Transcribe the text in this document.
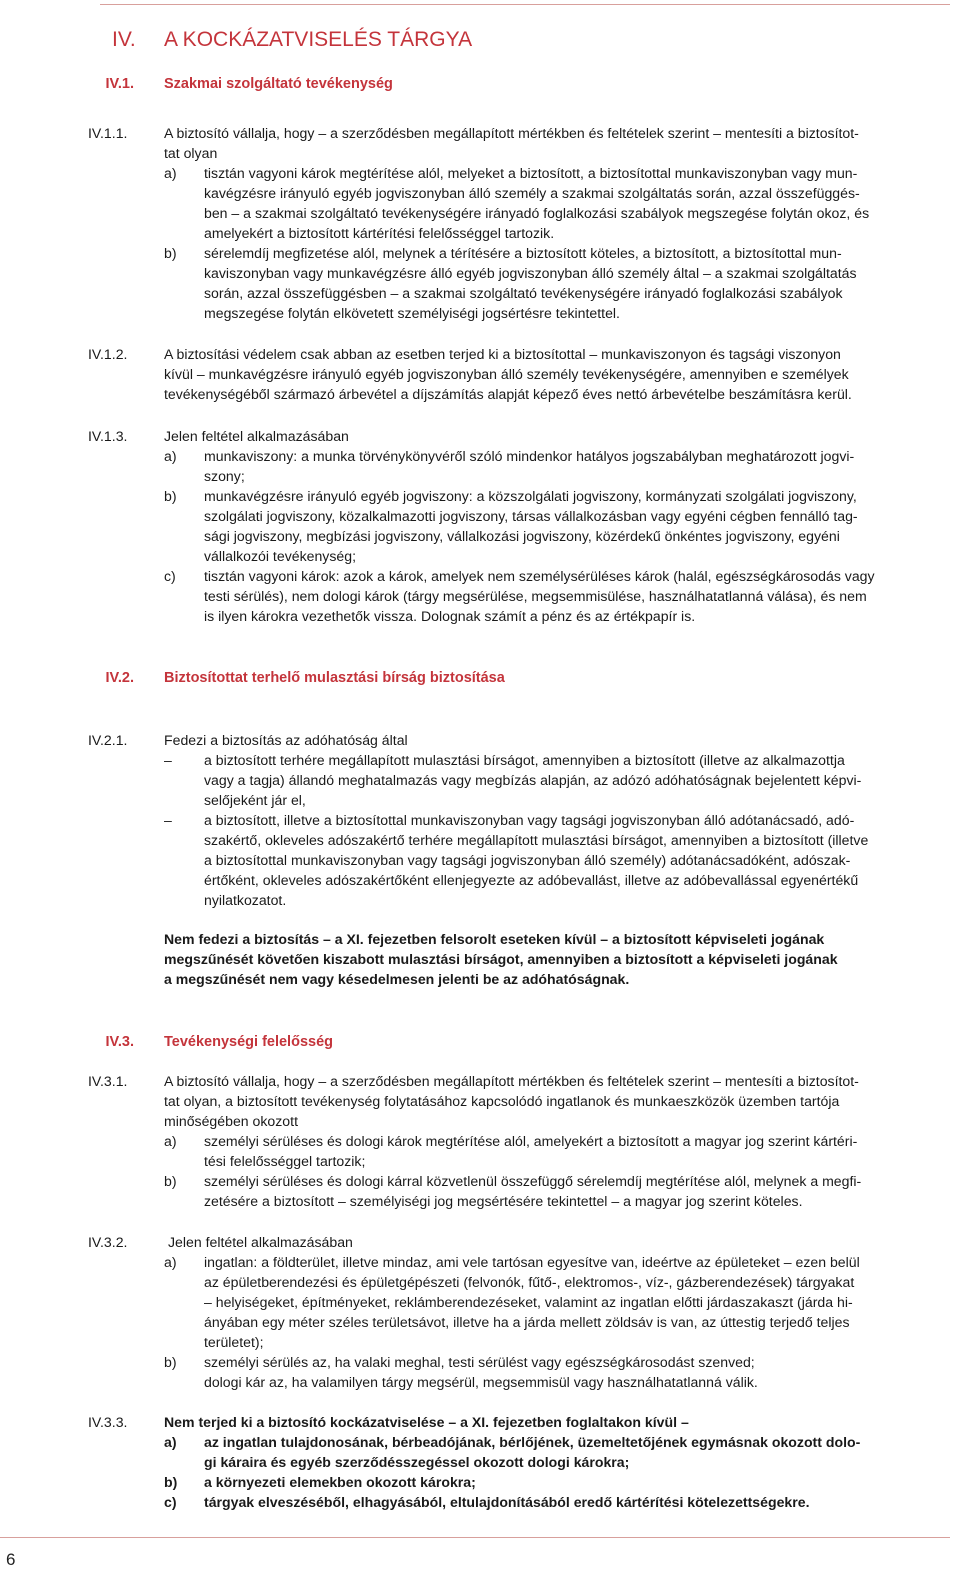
IV. A KOCKÁZATVISELÉS TÁRGYA
IV.1. Szakmai szolgáltató tevékenység
IV.1.1.	A biztosító vállalja, hogy – a szerződésben megállapított mértékben és feltételek szerint – mentesíti a biztosítot-
tat olyan
a) tisztán vagyoni károk megtérítése alól, melyeket a biztosított, a biztosítottal munkaviszonyban vagy mun-
kavégzésre irányuló egyéb jogviszonyban álló személy a szakmai szolgáltatás során, azzal összefüggés-
ben – a szakmai szolgáltató tevékenységére irányadó foglalkozási szabályok megszegése folytán okoz, és
amelyekért a biztosított kártérítési felelősséggel tartozik.
b) sérelemdíj megfizetése alól, melynek a térítésére a biztosított köteles, a biztosított, a biztosítottal mun-
kaviszonyban vagy munkavégzésre álló egyéb jogviszonyban álló személy által – a szakmai szolgáltatás
során, azzal összefüggésben – a szakmai szolgáltató tevékenységére irányadó foglalkozási szabályok
megszegése folytán elkövetett személyiségi jogsértésre tekintettel.
IV.1.2.	A biztosítási védelem csak abban az esetben terjed ki a biztosítottal – munkaviszonyon és tagsági viszonyon
kívül – munkavégzésre irányuló egyéb jogviszonyban álló személy tevékenységére, amennyiben e személyek
tevékenységéből származó árbevétel a díjszámítás alapját képező éves nettó árbevételbe beszámításra kerül.
IV.1.3.	Jelen feltétel alkalmazásában
a) munkaviszony: a munka törvénykönyvéről szóló mindenkor hatályos jogszabályban meghatározott jogvi-
szony;
b) munkavégzésre irányuló egyéb jogviszony: a közszolgálati jogviszony, kormányzati szolgálati jogviszony,
szolgálati jogviszony, közalkalmazotti jogviszony, társas vállalkozásban vagy egyéni cégben fennálló tag-
sági jogviszony, megbízási jogviszony, vállalkozási jogviszony, közérdekű önkéntes jogviszony, egyéni
vállalkozói tevékenység;
c) tisztán vagyoni károk: azok a károk, amelyek nem személysérüléses károk (halál, egészségkárosodás vagy
testi sérülés), nem dologi károk (tárgy megsérülése, megsemmisülése, használhatatlanná válása), és nem
is ilyen károkra vezethetők vissza. Dolognak számít a pénz és az értékpapír is.
IV.2. Biztosítottat terhelő mulasztási bírság biztosítása
IV.2.1.	Fedezi a biztosítás az adóhatóság által
– a biztosított terhére megállapított mulasztási bírságot, amennyiben a biztosított (illetve az alkalmazottja
vagy a tagja) állandó meghatalmazás vagy megbízás alapján, az adózó adóhatóságnak bejelentett képvi-
selőjeként jár el,
– a biztosított, illetve a biztosítottal munkaviszonyban vagy tagsági jogviszonyban álló adótanácsadó, adó-
szakértő, okleveles adószakértő terhére megállapított mulasztási bírságot, amennyiben a biztosított (illetve
a biztosítottal munkaviszonyban vagy tagsági jogviszonyban álló személy) adótanácsadóként, adószak-
értőként, okleveles adószakértőként ellenjegyezte az adóbevallást, illetve az adóbevallással egyenértékű
nyilatkozatot.
Nem fedezi a biztosítás – a XI. fejezetben felsorolt eseteken kívül – a biztosított képviseleti jogának
megszűnését követően kiszabott mulasztási bírságot, amennyiben a biztosított a képviseleti jogának
a megszűnését nem vagy késedelmesen jelenti be az adóhatóságnak.
IV.3. Tevékenységi felelősség
IV.3.1.	A biztosító vállalja, hogy – a szerződésben megállapított mértékben és feltételek szerint – mentesíti a biztosítot-
tat olyan, a biztosított tevékenység folytatásához kapcsolódó ingatlanok és munkaeszközök üzemben tartója
minőségében okozott
a) személyi sérüléses és dologi károk megtérítése alól, amelyekért a biztosított a magyar jog szerint kártéri-
tési felelősséggel tartozik;
b) személyi sérüléses és dologi kárral közvetlenül összefüggő sérelemdíj megtérítése alól, melynek a megfi-
zetésére a biztosított – személyiségi jog megsértésére tekintettel – a magyar jog szerint köteles.
IV.3.2.	Jelen feltétel alkalmazásában
a) ingatlan: a földterület, illetve mindaz, ami vele tartósan egyesítve van, ideértve az épületeket – ezen belül
az épületberendezési és épületgépészeti (felvonók, fűtő-, elektromos-, víz-, gázberendezések) tárgyakat
– helyiségeket, építményeket, reklámberendezéseket, valamint az ingatlan előtti járdaszakaszt (járda hi-
ányában egy méter széles területsávot, illetve ha a járda mellett zöldsáv is van, az úttestig terjedő teljes
területet);
b) személyi sérülés az, ha valaki meghal, testi sérülést vagy egészségkárosodást szenved;
dologi kár az, ha valamilyen tárgy megsérül, megsemmisül vagy használhatatlanná válik.
IV.3.3.	Nem terjed ki a biztosító kockázatviselése – a XI. fejezetben foglaltakon kívül –
a) az ingatlan tulajdonosának, bérbeadójának, bérlőjének, üzemeltetőjének egymásnak okozott dolo-
gi káraira és egyéb szerződésszegéssel okozott dologi károkra;
b) a környezeti elemekben okozott károkra;
c) tárgyak elveszéséből, elhagyásából, eltulajdonításából eredő kártérítési kötelezettségekre.
6
